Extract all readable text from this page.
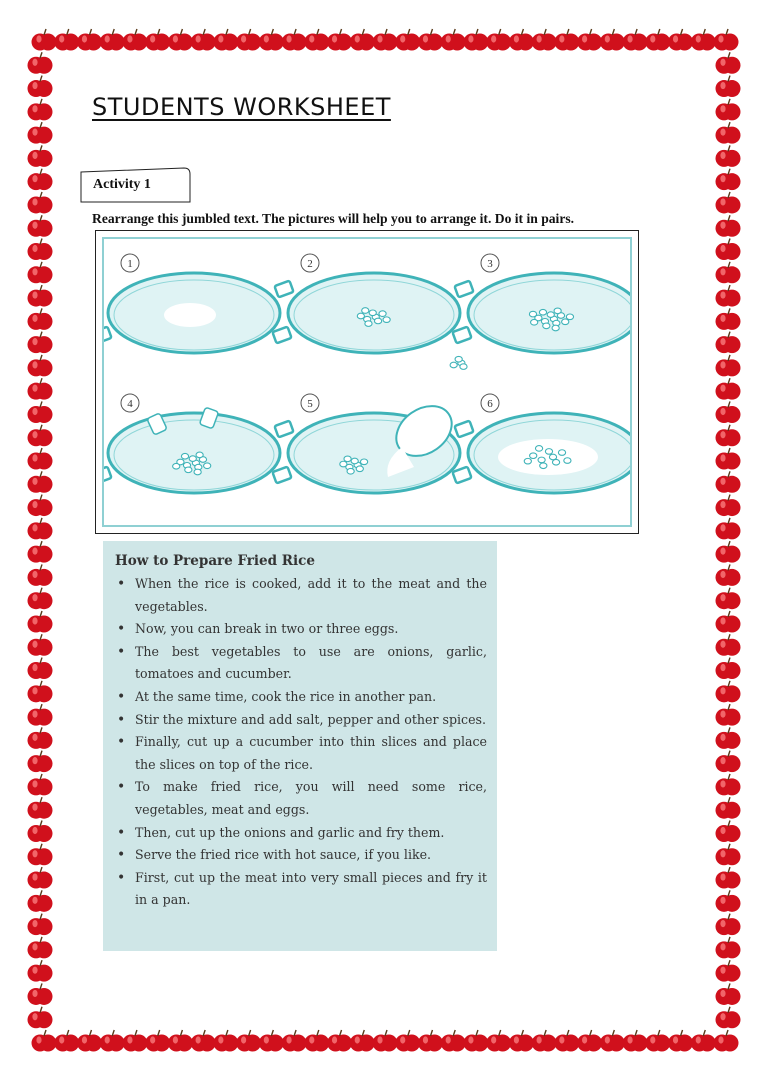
STUDENTS WORKSHEET
Activity 1
Rearrange this jumbled text. The pictures will help you to arrange it. Do it in pairs.
1	2	3
4	5	6
How to Prepare Fried Rice
• When the rice is cooked, add it to the meat and the vegetables.
• Now, you can break in two or three eggs.
• The best vegetables to use are onions, garlic, tomatoes and cucumber.
• At the same time, cook the rice in another pan.
• Stir the mixture and add salt, pepper and other spices.
• Finally, cut up a cucumber into thin slices and place the slices on top of the rice.
• To make fried rice, you will need some rice, vegetables, meat and eggs.
• Then, cut up the onions and garlic and fry them.
• Serve the fried rice with hot sauce, if you like.
• First, cut up the meat into very small pieces and fry it in a pan.
